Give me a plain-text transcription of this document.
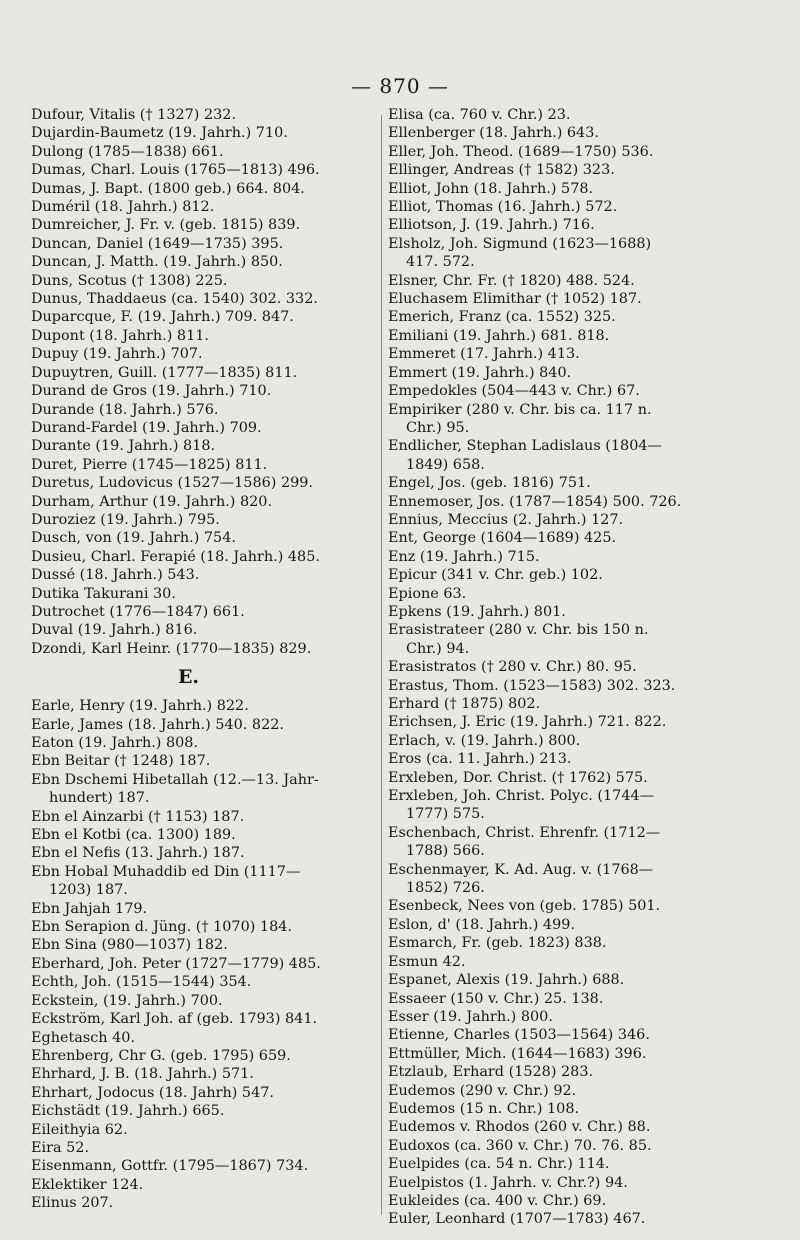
— 870 —
Dufour, Vitalis († 1327) 232.
Dujardin-Baumetz (19. Jahrh.) 710.
Dulong (1785—1838) 661.
Dumas, Charl. Louis (1765—1813) 496.
Dumas, J. Bapt. (1800 geb.) 664. 804.
Duméril (18. Jahrh.) 812.
Dumreicher, J. Fr. v. (geb. 1815) 839.
Duncan, Daniel (1649—1735) 395.
Duncan, J. Matth. (19. Jahrh.) 850.
Duns, Scotus († 1308) 225.
Dunus, Thaddaeus (ca. 1540) 302. 332.
Duparcque, F. (19. Jahrh.) 709. 847.
Dupont (18. Jahrh.) 811.
Dupuy (19. Jahrh.) 707.
Dupuytren, Guill. (1777—1835) 811.
Durand de Gros (19. Jahrh.) 710.
Durande (18. Jahrh.) 576.
Durand-Fardel (19. Jahrh.) 709.
Durante (19. Jahrh.) 818.
Duret, Pierre (1745—1825) 811.
Duretus, Ludovicus (1527—1586) 299.
Durham, Arthur (19. Jahrh.) 820.
Duroziez (19. Jahrh.) 795.
Dusch, von (19. Jahrh.) 754.
Dusieu, Charl. Ferapié (18. Jahrh.) 485.
Dussé (18. Jahrh.) 543.
Dutika Takurani 30.
Dutrochet (1776—1847) 661.
Duval (19. Jahrh.) 816.
Dzondi, Karl Heinr. (1770—1835) 829.
E.
Earle, Henry (19. Jahrh.) 822.
Earle, James (18. Jahrh.) 540. 822.
Eaton (19. Jahrh.) 808.
Ebn Beitar († 1248) 187.
Ebn Dschemi Hibetallah (12.—13. Jahr-
hundert) 187.
Ebn el Ainzarbi († 1153) 187.
Ebn el Kotbi (ca. 1300) 189.
Ebn el Nefis (13. Jahrh.) 187.
Ebn Hobal Muhaddib ed Din (1117—
1203) 187.
Ebn Jahjah 179.
Ebn Serapion d. Jüng. († 1070) 184.
Ebn Sina (980—1037) 182.
Eberhard, Joh. Peter (1727—1779) 485.
Echth, Joh. (1515—1544) 354.
Eckstein, (19. Jahrh.) 700.
Eckström, Karl Joh. af (geb. 1793) 841.
Eghetasch 40.
Ehrenberg, Chr G. (geb. 1795) 659.
Ehrhard, J. B. (18. Jahrh.) 571.
Ehrhart, Jodocus (18. Jahrh) 547.
Eichstädt (19. Jahrh.) 665.
Eileithyia 62.
Eira 52.
Eisenmann, Gottfr. (1795—1867) 734.
Eklektiker 124.
Elinus 207.
Elisa (ca. 760 v. Chr.) 23.
Ellenberger (18. Jahrh.) 643.
Eller, Joh. Theod. (1689—1750) 536.
Ellinger, Andreas († 1582) 323.
Elliot, John (18. Jahrh.) 578.
Elliot, Thomas (16. Jahrh.) 572.
Elliotson, J. (19. Jahrh.) 716.
Elsholz, Joh. Sigmund (1623—1688)
417. 572.
Elsner, Chr. Fr. († 1820) 488. 524.
Eluchasem Elimithar († 1052) 187.
Emerich, Franz (ca. 1552) 325.
Emiliani (19. Jahrh.) 681. 818.
Emmeret (17. Jahrh.) 413.
Emmert (19. Jahrh.) 840.
Empedokles (504—443 v. Chr.) 67.
Empiriker (280 v. Chr. bis ca. 117 n.
Chr.) 95.
Endlicher, Stephan Ladislaus (1804—
1849) 658.
Engel, Jos. (geb. 1816) 751.
Ennemoser, Jos. (1787—1854) 500. 726.
Ennius, Meccius (2. Jahrh.) 127.
Ent, George (1604—1689) 425.
Enz (19. Jahrh.) 715.
Epicur (341 v. Chr. geb.) 102.
Epione 63.
Epkens (19. Jahrh.) 801.
Erasistrateer (280 v. Chr. bis 150 n.
Chr.) 94.
Erasistratos († 280 v. Chr.) 80. 95.
Erastus, Thom. (1523—1583) 302. 323.
Erhard († 1875) 802.
Erichsen, J. Eric (19. Jahrh.) 721. 822.
Erlach, v. (19. Jahrh.) 800.
Eros (ca. 11. Jahrh.) 213.
Erxleben, Dor. Christ. († 1762) 575.
Erxleben, Joh. Christ. Polyc. (1744—
1777) 575.
Eschenbach, Christ. Ehrenfr. (1712—
1788) 566.
Eschenmayer, K. Ad. Aug. v. (1768—
1852) 726.
Esenbeck, Nees von (geb. 1785) 501.
Eslon, d' (18. Jahrh.) 499.
Esmarch, Fr. (geb. 1823) 838.
Esmun 42.
Espanet, Alexis (19. Jahrh.) 688.
Essaeer (150 v. Chr.) 25. 138.
Esser (19. Jahrh.) 800.
Etienne, Charles (1503—1564) 346.
Ettmüller, Mich. (1644—1683) 396.
Etzlaub, Erhard (1528) 283.
Eudemos (290 v. Chr.) 92.
Eudemos (15 n. Chr.) 108.
Eudemos v. Rhodos (260 v. Chr.) 88.
Eudoxos (ca. 360 v. Chr.) 70. 76. 85.
Euelpides (ca. 54 n. Chr.) 114.
Euelpistos (1. Jahrh. v. Chr.?) 94.
Eukleides (ca. 400 v. Chr.) 69.
Euler, Leonhard (1707—1783) 467.
